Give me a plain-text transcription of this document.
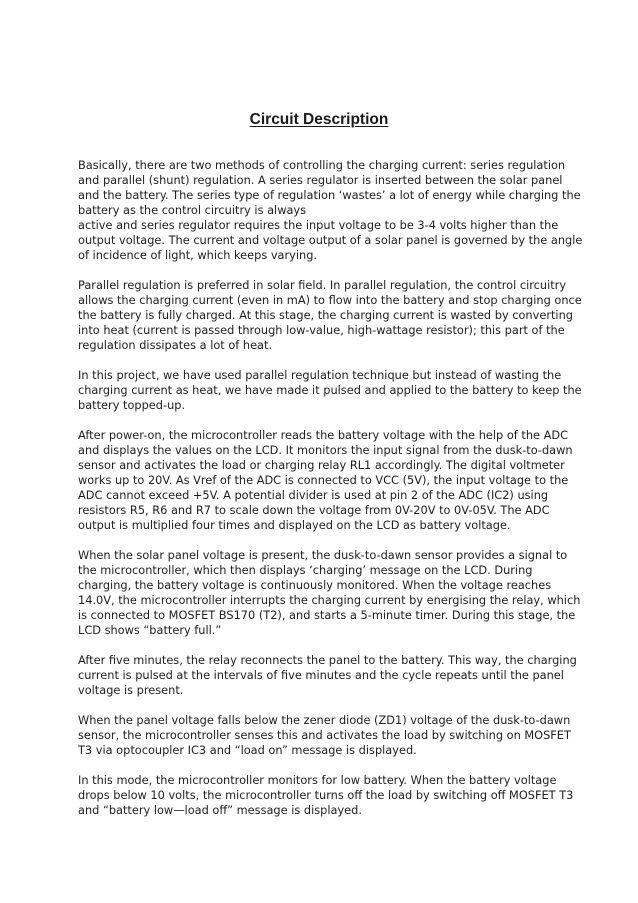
Circuit Description

Basically, there are two methods of controlling the charging current: series regulation
and parallel (shunt) regulation. A series regulator is inserted between the solar panel
and the battery. The series type of regulation ‘wastes’ a lot of energy while charging the
battery as the control circuitry is always
active and series regulator requires the input voltage to be 3-4 volts higher than the
output voltage. The current and voltage output of a solar panel is governed by the angle
of incidence of light, which keeps varying.

Parallel regulation is preferred in solar field. In parallel regulation, the control circuitry
allows the charging current (even in mA) to flow into the battery and stop charging once
the battery is fully charged. At this stage, the charging current is wasted by converting
into heat (current is passed through low-value, high-wattage resistor); this part of the
regulation dissipates a lot of heat.

In this project, we have used parallel regulation technique but instead of wasting the
charging current as heat, we have made it pulsed and applied to the battery to keep the
battery topped-up.

After power-on, the microcontroller reads the battery voltage with the help of the ADC
and displays the values on the LCD. It monitors the input signal from the dusk-to-dawn
sensor and activates the load or charging relay RL1 accordingly. The digital voltmeter
works up to 20V. As Vref of the ADC is connected to VCC (5V), the input voltage to the
ADC cannot exceed +5V. A potential divider is used at pin 2 of the ADC (IC2) using
resistors R5, R6 and R7 to scale down the voltage from 0V-20V to 0V-05V. The ADC
output is multiplied four times and displayed on the LCD as battery voltage.

When the solar panel voltage is present, the dusk-to-dawn sensor provides a signal to
the microcontroller, which then displays ‘charging’ message on the LCD. During
charging, the battery voltage is continuously monitored. When the voltage reaches
14.0V, the microcontroller interrupts the charging current by energising the relay, which
is connected to MOSFET BS170 (T2), and starts a 5-minute timer. During this stage, the
LCD shows “battery full.”

After five minutes, the relay reconnects the panel to the battery. This way, the charging
current is pulsed at the intervals of five minutes and the cycle repeats until the panel
voltage is present.

When the panel voltage falls below the zener diode (ZD1) voltage of the dusk-to-dawn
sensor, the microcontroller senses this and activates the load by switching on MOSFET
T3 via optocoupler IC3 and “load on” message is displayed.

In this mode, the microcontroller monitors for low battery. When the battery voltage
drops below 10 volts, the microcontroller turns off the load by switching off MOSFET T3
and “battery low—load off” message is displayed.
